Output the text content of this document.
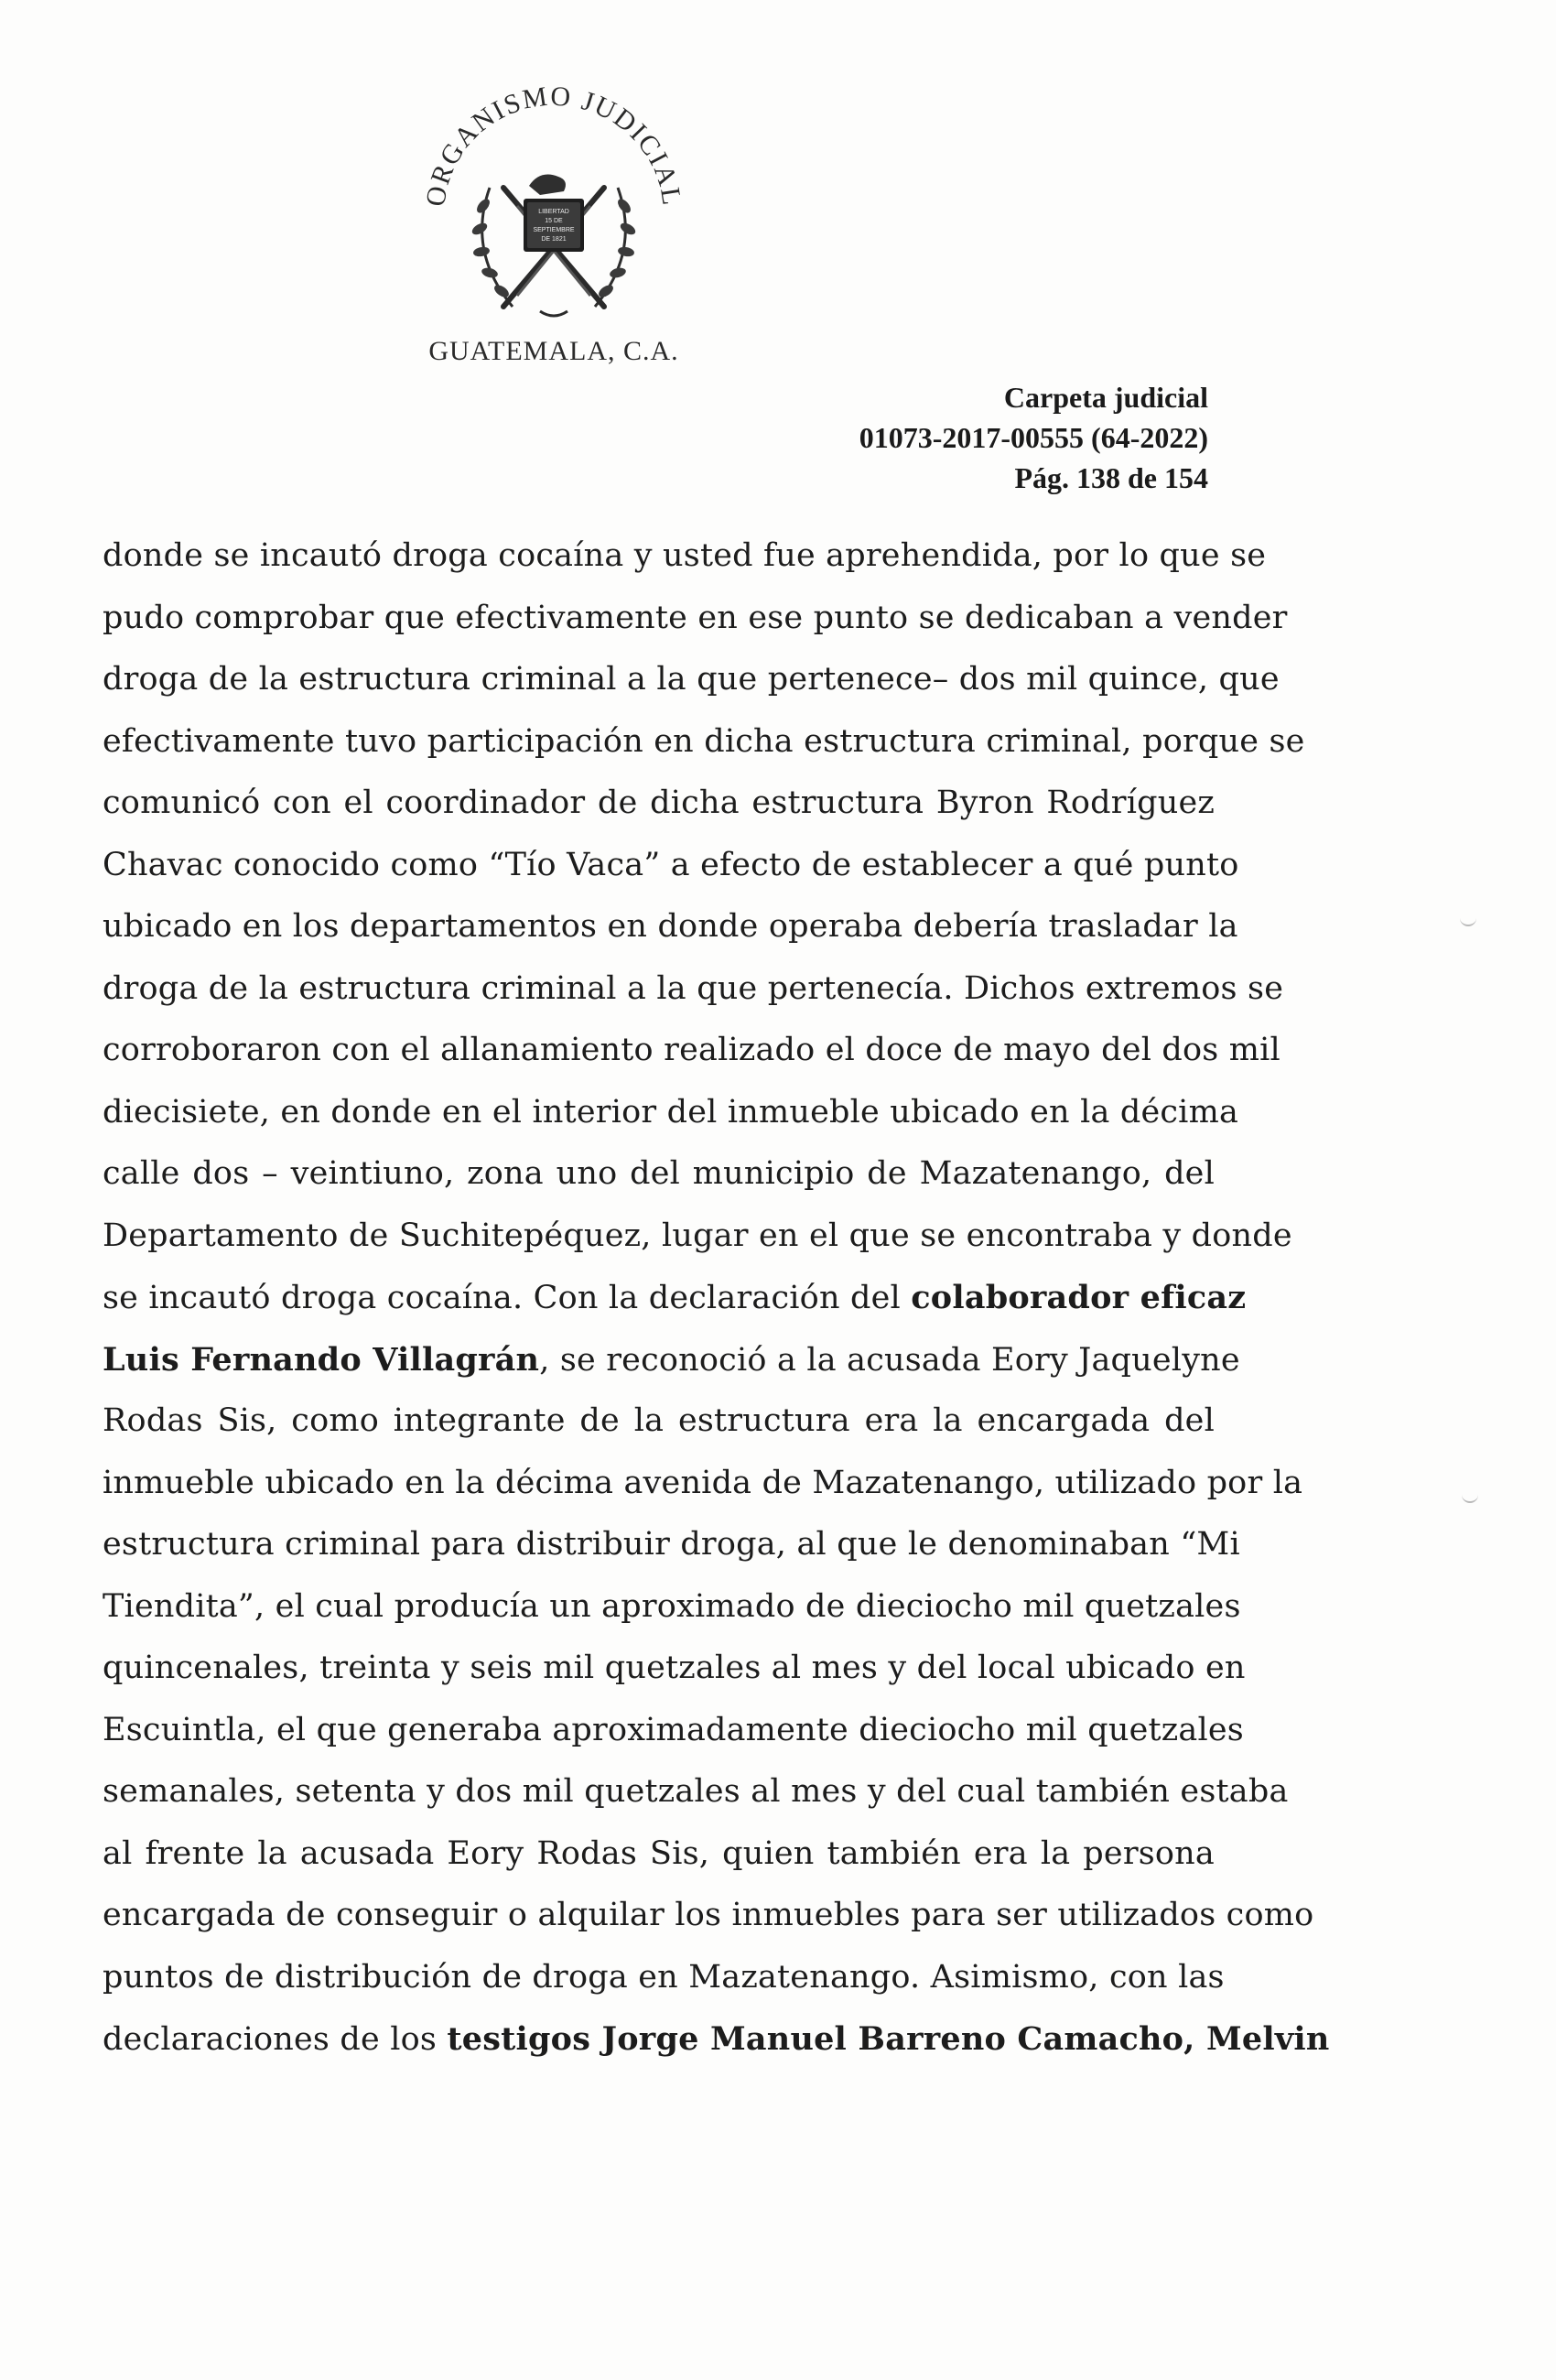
ORGANISMO JUDICIAL
LIBERTAD
15 DE
SEPTIEMBRE
DE 1821
GUATEMALA, C.A.
Carpeta judicial
01073-2017-00555 (64-2022)
Pág. 138 de 154
donde se incautó droga cocaína y usted fue aprehendida, por lo que se
pudo comprobar que efectivamente en ese punto se dedicaban a vender
droga de la estructura criminal a la que pertenece– dos mil quince, que
efectivamente tuvo participación en dicha estructura criminal, porque se
comunicó con el coordinador de dicha estructura Byron Rodríguez
Chavac conocido como “Tío Vaca” a efecto de establecer a qué punto
ubicado en los departamentos en donde operaba debería trasladar la
droga de la estructura criminal a la que pertenecía. Dichos extremos se
corroboraron con el allanamiento realizado el doce de mayo del dos mil
diecisiete, en donde en el interior del inmueble ubicado en la décima
calle dos – veintiuno, zona uno del municipio de Mazatenango, del
Departamento de Suchitepéquez, lugar en el que se encontraba y donde
se incautó droga cocaína. Con la declaración del colaborador eficaz
Luis Fernando Villagrán, se reconoció a la acusada Eory Jaquelyne
Rodas Sis, como integrante de la estructura era la encargada del
inmueble ubicado en la décima avenida de Mazatenango, utilizado por la
estructura criminal para distribuir droga, al que le denominaban “Mi
Tiendita”, el cual producía un aproximado de dieciocho mil quetzales
quincenales, treinta y seis mil quetzales al mes y del local ubicado en
Escuintla, el que generaba aproximadamente dieciocho mil quetzales
semanales, setenta y dos mil quetzales al mes y del cual también estaba
al frente la acusada Eory Rodas Sis, quien también era la persona
encargada de conseguir o alquilar los inmuebles para ser utilizados como
puntos de distribución de droga en Mazatenango. Asimismo, con las
declaraciones de los testigos Jorge Manuel Barreno Camacho, Melvin
